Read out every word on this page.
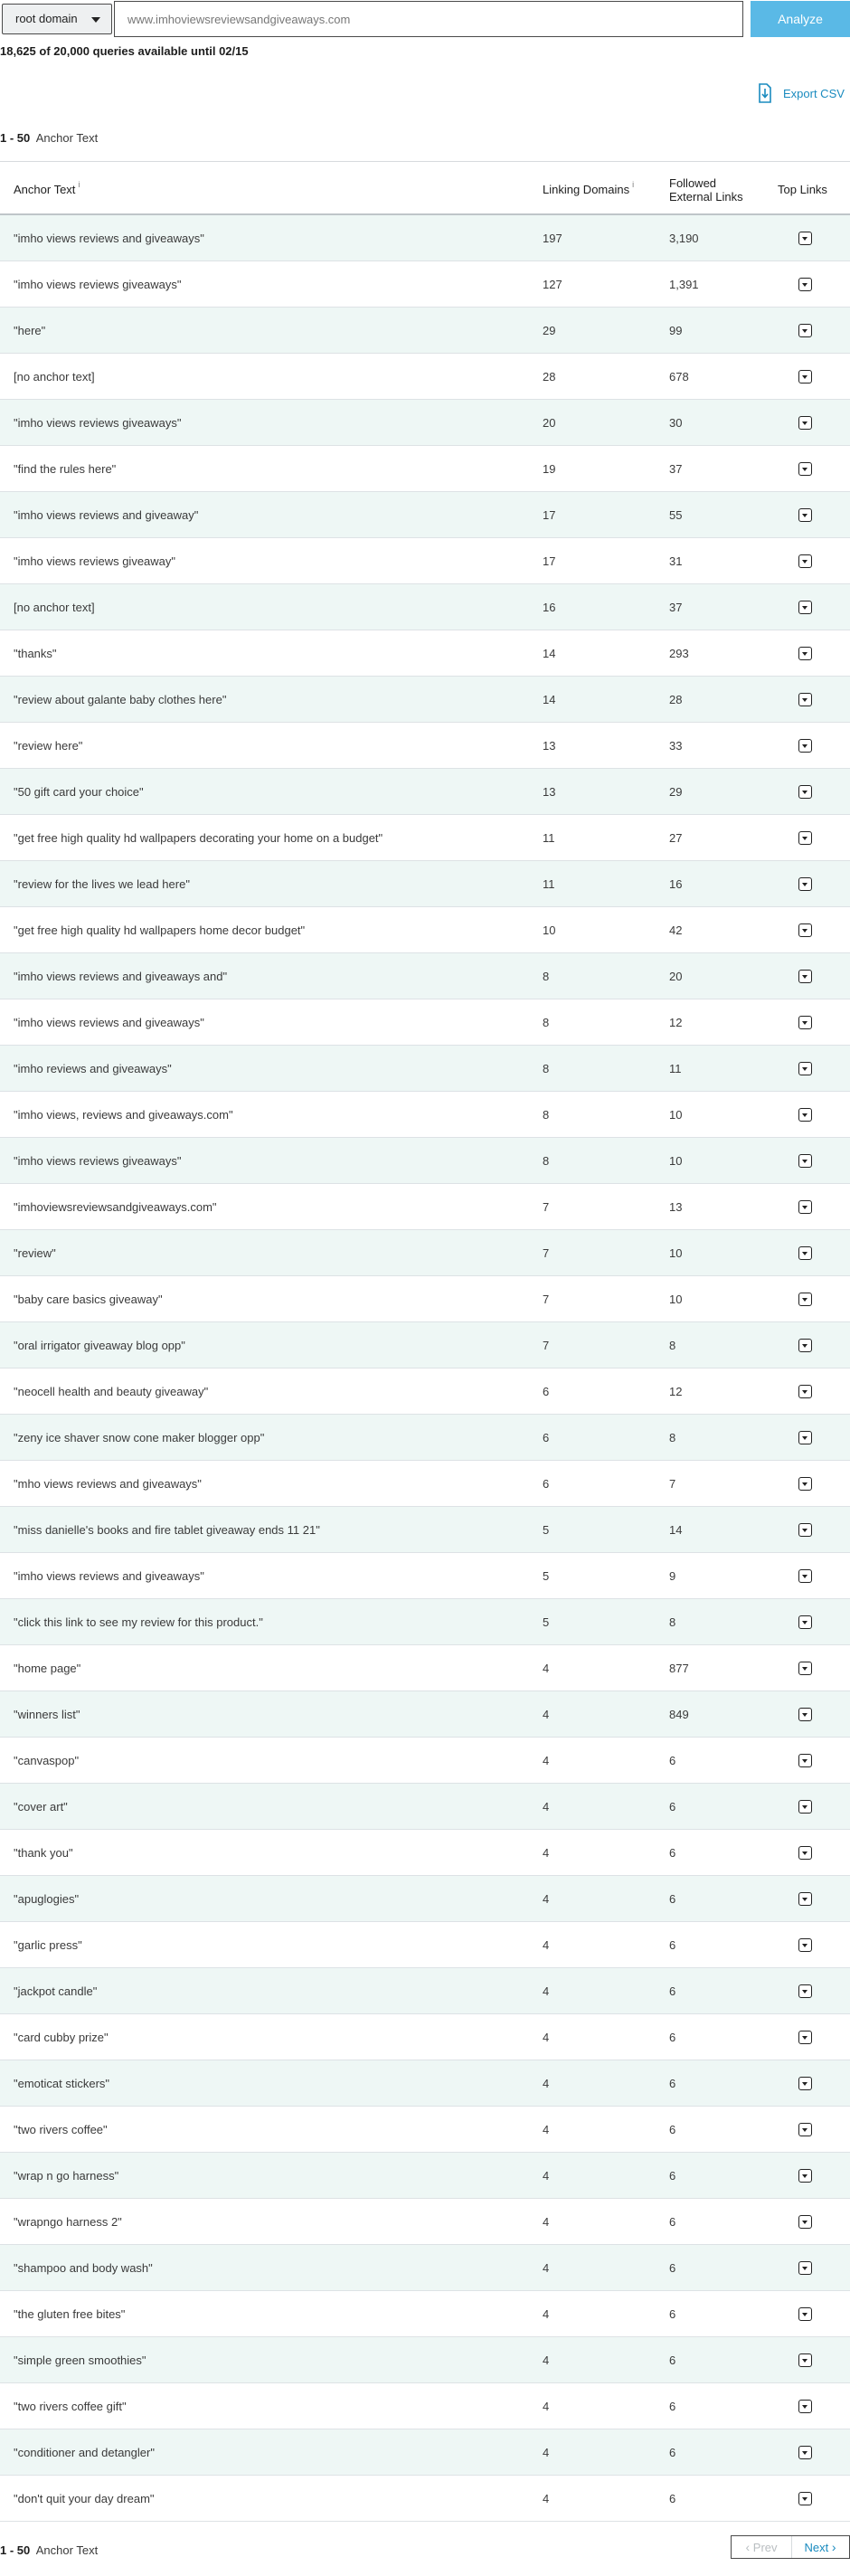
root domain
www.imhoviewsreviewsandgiveaways.com	Analyze
18,625 of 20,000 queries available until 02/15
Export CSV
1 - 50 Anchor Text
Anchor Text i	Linking Domains i	Followed
External Links
Top Links
"imho views reviews and giveaways"	197	3,190
"imho views reviews giveaways"	127	1,391
"here"	29	99
[no anchor text]	28	678
"imho views reviews giveaways"	20	30
"find the rules here"	19	37
"imho views reviews and giveaway"	17	55
"imho views reviews giveaway"	17	31
[no anchor text]	16	37
"thanks"	14	293
"review about galante baby clothes here"	14	28
"review here"	13	33
"50 gift card your choice"	13	29
"get free high quality hd wallpapers decorating your home on a budget"	11	27
"review for the lives we lead here"	11	16
"get free high quality hd wallpapers home decor budget"	10	42
"imho views reviews and giveaways and"	8	20
"imho views reviews and giveaways"	8	12
"imho reviews and giveaways"	8	11
"imho views, reviews and giveaways.com"	8	10
"imho views reviews giveaways"	8	10
"imhoviewsreviewsandgiveaways.com"	7	13
"review"	7	10
"baby care basics giveaway"	7	10
"oral irrigator giveaway blog opp"	7	8
"neocell health and beauty giveaway"	6	12
"zeny ice shaver snow cone maker blogger opp"	6	8
"mho views reviews and giveaways"	6	7
"miss danielle's books and fire tablet giveaway ends 11 21"	5	14
"imho views reviews and giveaways"	5	9
"click this link to see my review for this product."	5	8
"home page"	4	877
"winners list"	4	849
"canvaspop"	4	6
"cover art"	4	6
"thank you"	4	6
"apuglogies"	4	6
"garlic press"	4	6
"jackpot candle"	4	6
"card cubby prize"	4	6
"emoticat stickers"	4	6
"two rivers coffee"	4	6
"wrap n go harness"	4	6
"wrapngo harness 2"	4	6
"shampoo and body wash"	4	6
"the gluten free bites"	4	6
"simple green smoothies"	4	6
"two rivers coffee gift"	4	6
"conditioner and detangler"	4	6
"don't quit your day dream"	4	6
1 - 50 Anchor Text	‹ Prev	Next ›
